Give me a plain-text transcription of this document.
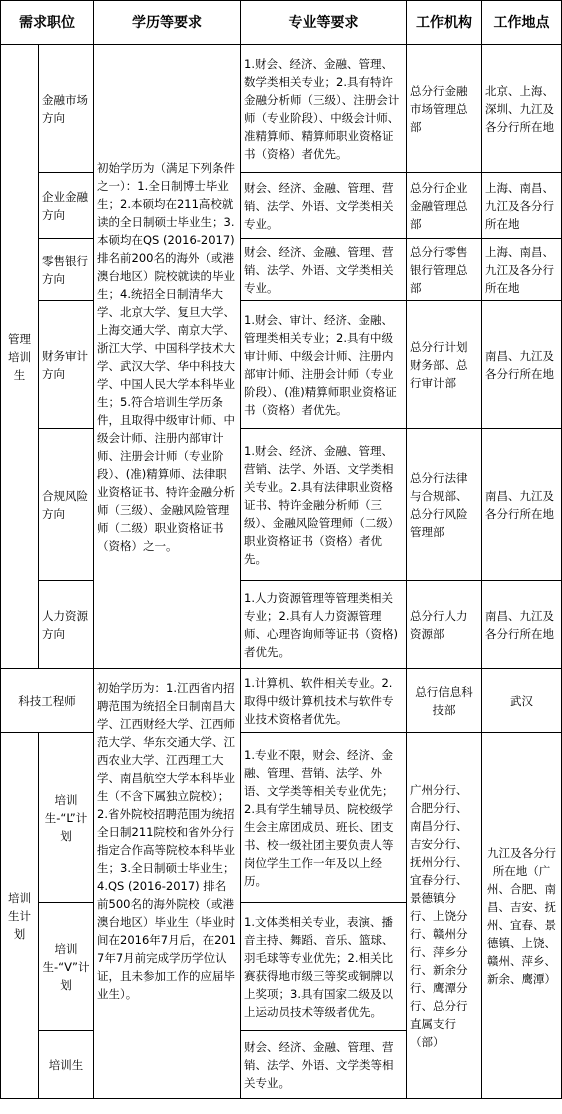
需求职位		学历等要求	专业等要求	工作机构	工作地点
管理培训生	金融市场方向	初始学历为（满足下列条件之一）：1.全日制博士毕业生；2.本硕均在211高校就读的全日制硕士毕业生；3.本硕均在QS (2016-2017) 排名前200名的海外（或港澳台地区）院校就读的毕业生；4.统招全日制清华大学、北京大学、复旦大学、上海交通大学、南京大学、浙江大学、中国科学技术大学、武汉大学、华中科技大学、中国人民大学本科毕业生；5.符合培训生学历条件，且取得中级审计师、中级会计师、注册内部审计师、注册会计师（专业阶段）、(准)精算师、法律职业资格证书、特许金融分析师（三级）、金融风险管理师（二级）职业资格证书（资格）之一。	1.财会、经济、金融、管理、数学类相关专业；2.具有特许金融分析师（三级）、注册会计师（专业阶段）、中级会计师、准精算师、精算师职业资格证书（资格）者优先。	总分行金融市场管理总部	北京、上海、深圳、九江及各分行所在地
	企业金融方向		财会、经济、金融、管理、营销、法学、外语、文学类相关专业。	总分行企业金融管理总部	上海、南昌、九江及各分行所在地
	零售银行方向		财会、经济、金融、管理、营销、法学、外语、文学类相关专业。	总分行零售银行管理总部	上海、南昌、九江及各分行所在地
	财务审计方向		1.财会、审计、经济、金融、管理类相关专业；2.具有中级审计师、中级会计师、注册内部审计师、注册会计师（专业阶段）、(准)精算师职业资格证书（资格）者优先。	总分行计划财务部、总行审计部	南昌、九江及各分行所在地
	合规风险方向		1.财会、经济、金融、管理、营销、法学、外语、文学类相关专业。2.具有法律职业资格证书、特许金融分析师（三级）、金融风险管理师（二级）职业资格证书（资格）者优先。	总分行法律与合规部、总分行风险管理部	南昌、九江及各分行所在地
	人力资源方向		1.人力资源管理等管理类相关专业；2.具有人力资源管理师、心理咨询师等证书（资格)者优先。	总分行人力资源部	南昌、九江及各分行所在地
科技工程师		初始学历为：1.江西省内招聘范围为统招全日制南昌大学、江西财经大学、江西师范大学、华东交通大学、江西农业大学、江西理工大学、南昌航空大学本科毕业生（不含下属独立院校）；2.省外院校招聘范围为统招全日制211院校和省外分行指定合作高等院校本科毕业生；3.全日制硕士毕业生；4.QS (2016-2017) 排名前500名的海外院校（或港澳台地区）毕业生（毕业时间在2016年7月后，在2017年7月前完成学历学位认证，且未参加工作的应届毕业生）。	1.计算机、软件相关专业。2.取得中级计算机技术与软件专业技术资格者优先。	总行信息科技部	武汉
培训生计划	培训生-“L”计划		1.专业不限，财会、经济、金融、管理、营销、法学、外语、文学类等相关专业优先；2.具有学生辅导员、院校级学生会主席团成员、班长、团支书、校一级社团主要负责人等岗位学生工作一年及以上经历。	广州分行、合肥分行、南昌分行、吉安分行、抚州分行、宜春分行、景德镇分行、上饶分行、赣州分行、萍乡分行、新余分行、鹰潭分行、总分行直属支行（部）	九江及各分行所在地（广州、合肥、南昌、吉安、抚州、宜春、景德镇、上饶、赣州、萍乡、新余、鹰潭）
	培训生-“V”计划		1.文体类相关专业，表演、播音主持、舞蹈、音乐、篮球、羽毛球等专业优先；2.相关比赛获得地市级三等奖或铜牌以上奖项；3.具有国家二级及以上运动员技术等级者优先。		
	培训生		财会、经济、金融、管理、营销、法学、外语、文学类等相关专业。		
